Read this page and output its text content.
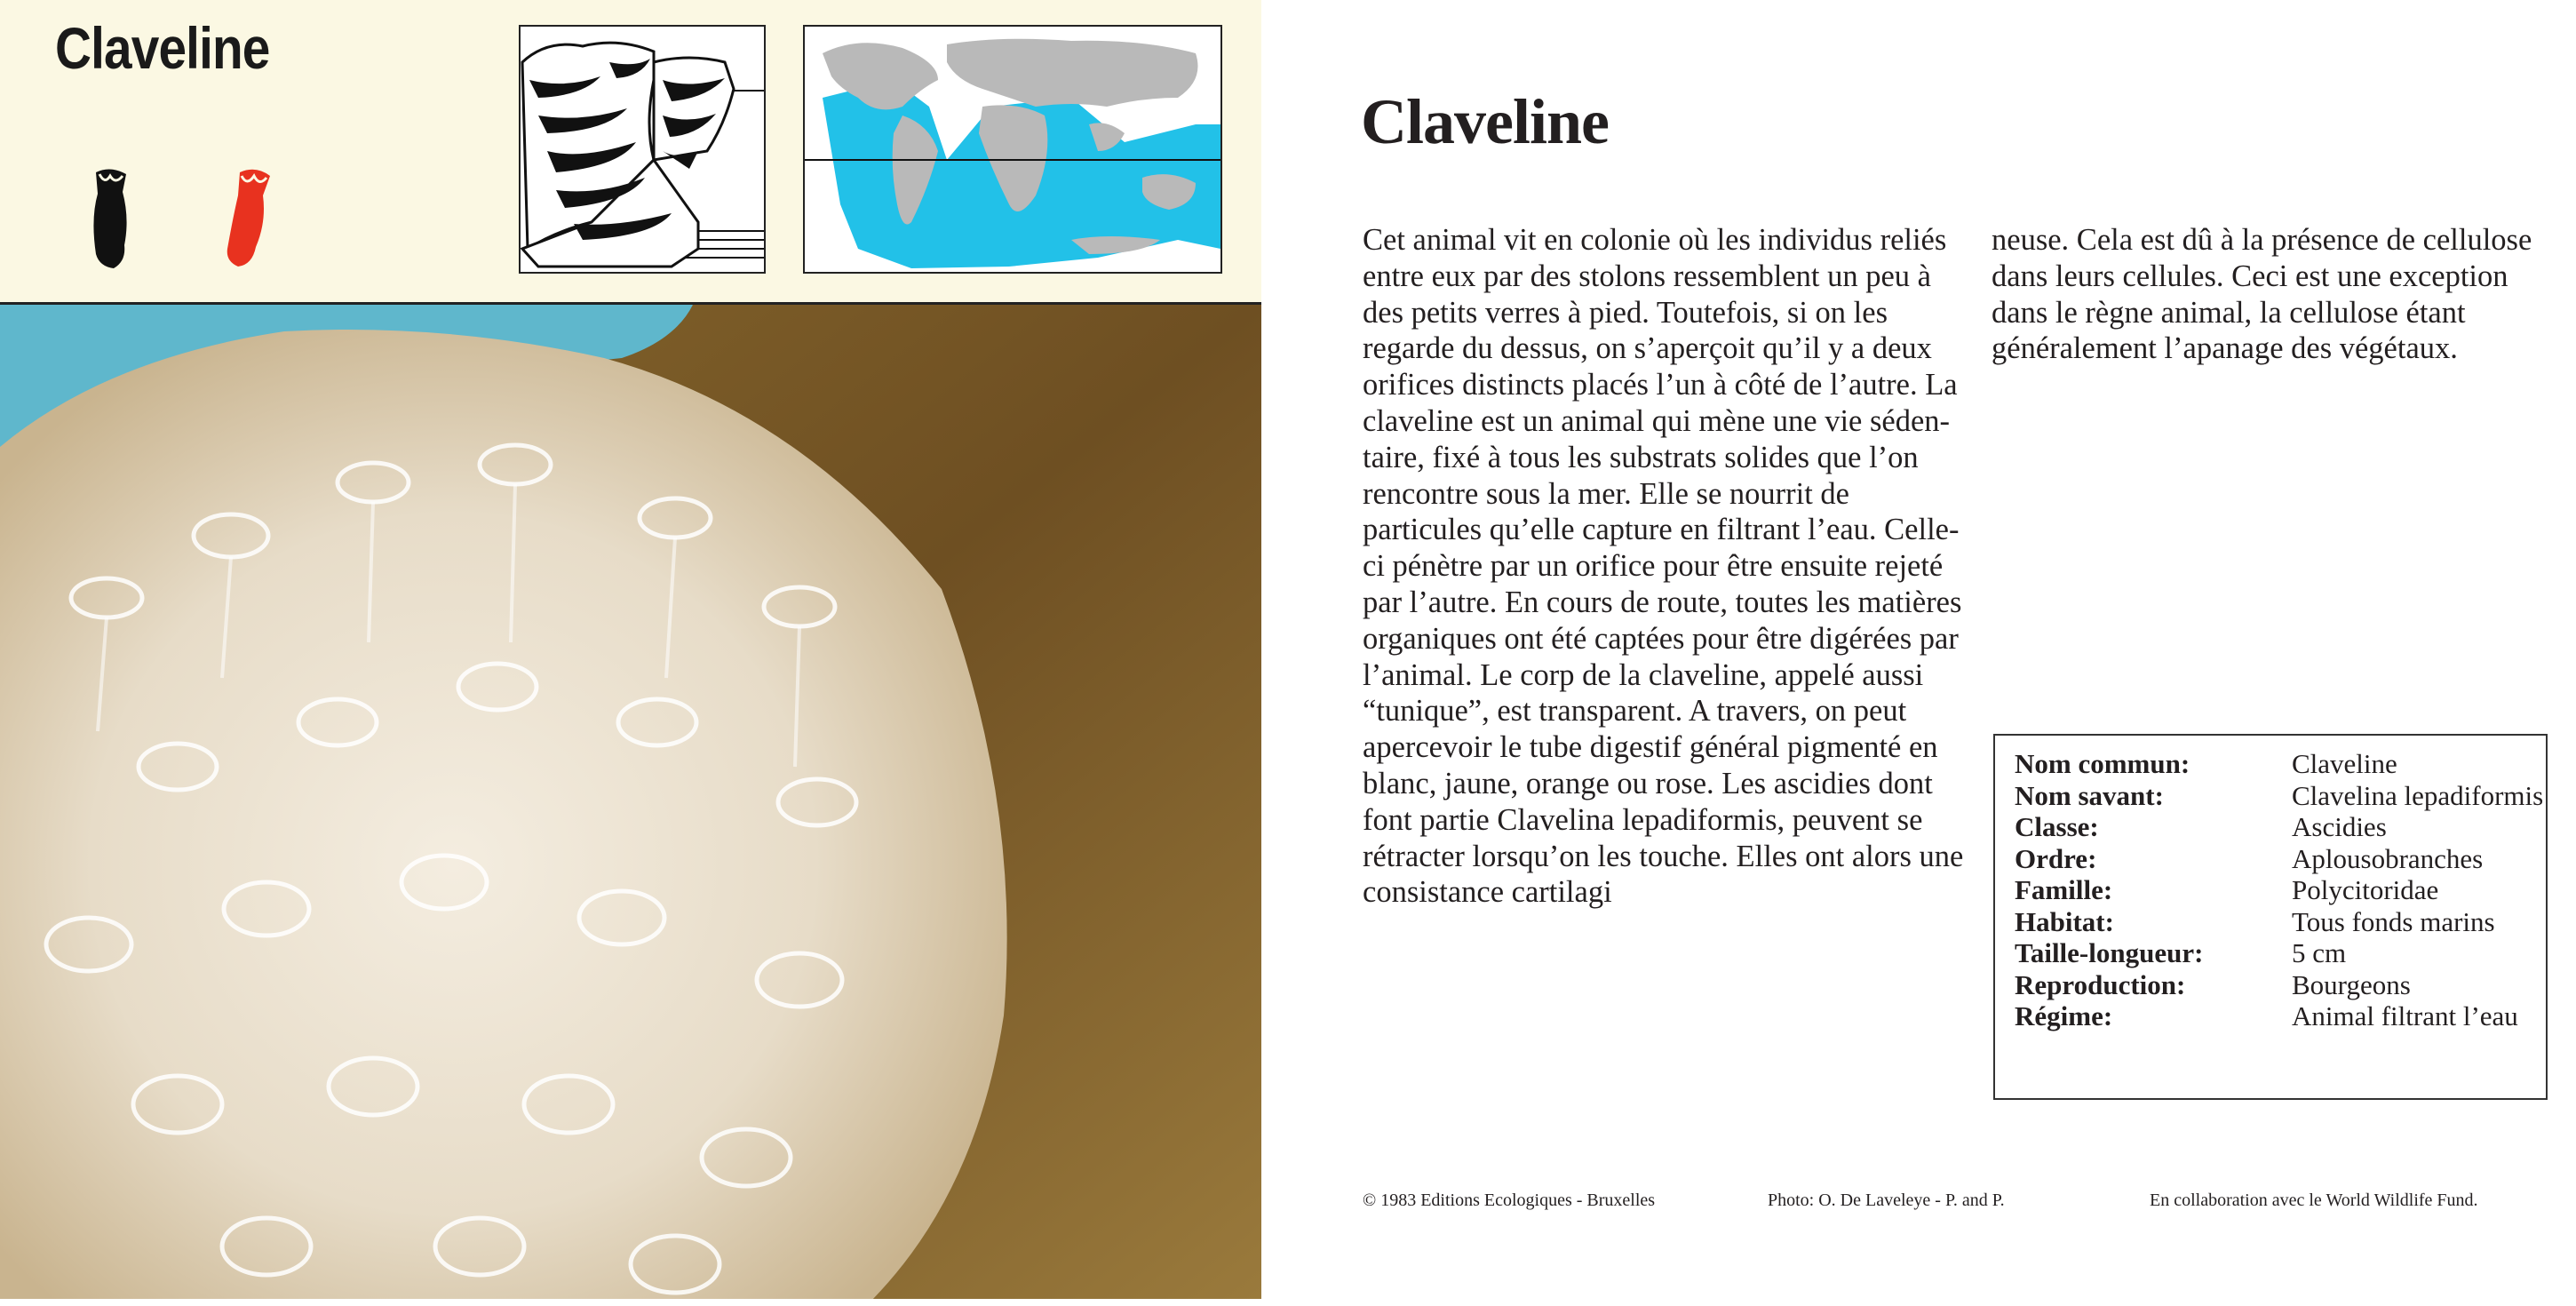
Claveline
Claveline
Cet animal vit en colonie où les individus reliés entre eux par des stolons ressemblent un peu à des petits verres à pied. Toutefois, si on les regarde du dessus, on s’aperçoit qu’il y a deux orifices distincts placés l’un à côté de l’autre. La claveline est un animal qui mène une vie sédentaire, fixé à tous les substrats solides que l’on rencontre sous la mer. Elle se nourrit de particules qu’elle capture en filtrant l’eau. Celle-ci pénètre par un orifice pour être ensuite rejeté par l’autre. En cours de route, toutes les matières organiques ont été captées pour être digérées par l’animal. Le corp de la claveline, appelé aussi “tunique”, est transparent. A travers, on peut apercevoir le tube digestif général pigmenté en blanc, jaune, orange ou rose. Les ascidies dont font partie Clavelina lepadiformis, peuvent se rétracter lorsqu’on les touche. Elles ont alors une consistance cartilagi
neuse. Cela est dû à la présence de cellulose dans leurs cellules. Ceci est une exception dans le règne animal, la cellulose étant généralement l’apanage des végétaux.
Nom commun:	Claveline
Nom savant:	Clavelina lepadiformis
Classe:	Ascidies
Ordre:	Aplousobranches
Famille:	Polycitoridae
Habitat:	Tous fonds marins
Taille-longueur:	5 cm
Reproduction:	Bourgeons
Régime:	Animal filtrant l’eau
© 1983 Editions Ecologiques - Bruxelles	Photo: O. De Laveleye - P. and P.	En collaboration avec le World Wildlife Fund.
